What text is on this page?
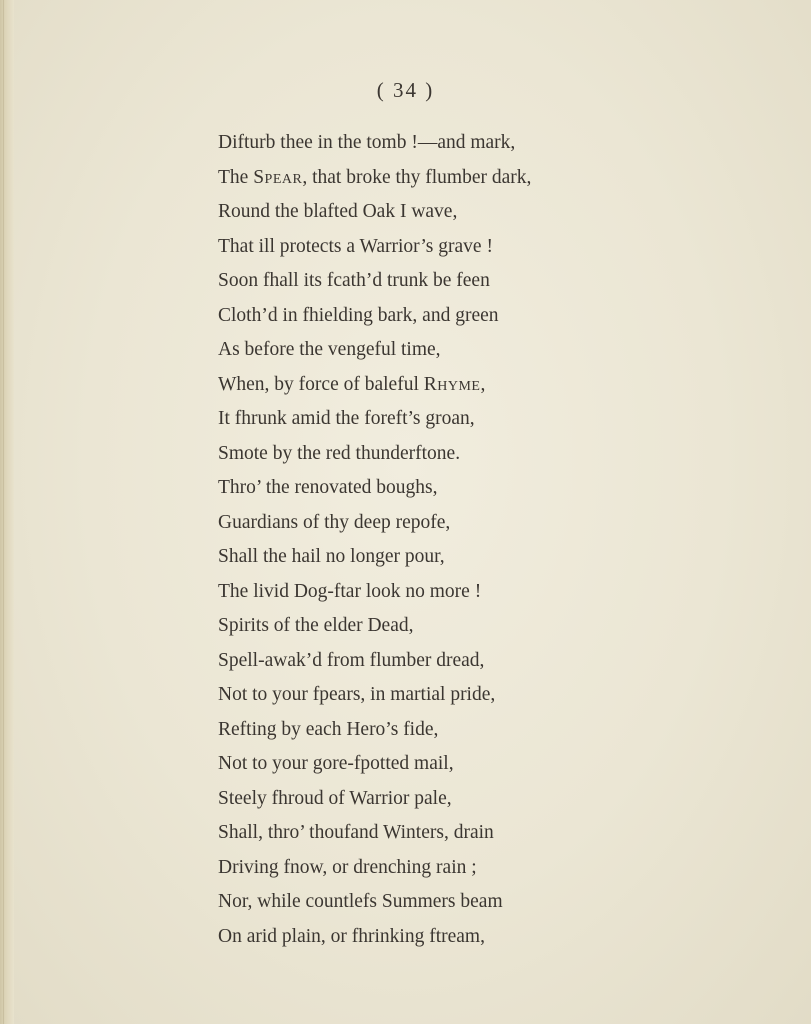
( 34 )
Difturb thee in the tomb !—and mark,
The Spear, that broke thy flumber dark,
Round the blafted Oak I wave,
That ill protects a Warrior’s grave !
Soon fhall its fcath’d trunk be feen
Cloth’d in fhielding bark, and green
As before the vengeful time,
When, by force of baleful Rhyme,
It fhrunk amid the foreft’s groan,
Smote by the red thunderftone.
Thro’ the renovated boughs,
Guardians of thy deep repofe,
Shall the hail no longer pour,
The livid Dog-ftar look no more !
Spirits of the elder Dead,
Spell-awak’d from flumber dread,
Not to your fpears, in martial pride,
Refting by each Hero’s fide,
Not to your gore-fpotted mail,
Steely fhroud of Warrior pale,
Shall, thro’ thoufand Winters, drain
Driving fnow, or drenching rain ;
Nor, while countlefs Summers beam
On arid plain, or fhrinking ftream,
